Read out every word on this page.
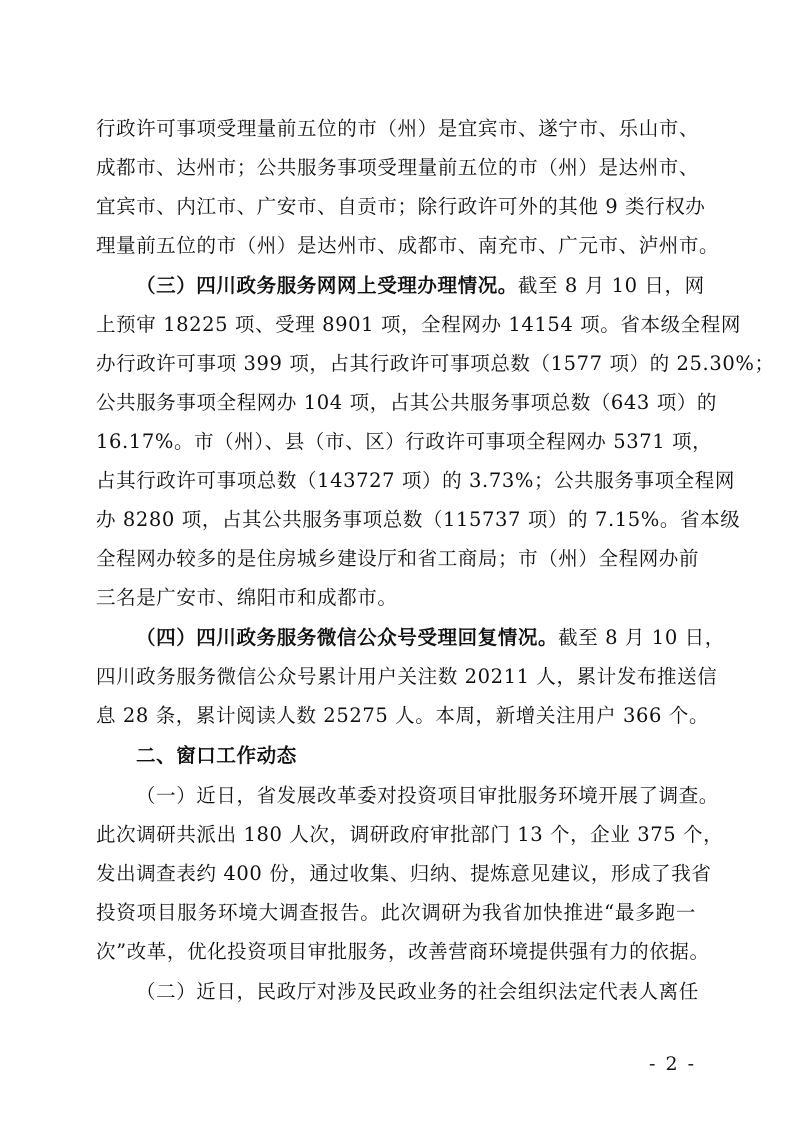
行政许可事项受理量前五位的市（州）是宜宾市、遂宁市、乐山市、
成都市、达州市；公共服务事项受理量前五位的市（州）是达州市、
宜宾市、内江市、广安市、自贡市；除行政许可外的其他 9 类行权办
理量前五位的市（州）是达州市、成都市、南充市、广元市、泸州市。
（三）四川政务服务网网上受理办理情况。 截至 8 月 10 日，网
上预审 18225 项、受理 8901 项，全程网办 14154 项。省本级全程网
办行政许可事项 399 项，占其行政许可事项总数（1577 项）的 25.30%；
公共服务事项全程网办 104 项，占其公共服务事项总数（643 项）的
16.17%。市（州）、县（市、区）行政许可事项全程网办 5371 项，
占其行政许可事项总数（143727 项）的 3.73%；公共服务事项全程网
办 8280 项，占其公共服务事项总数（115737 项）的 7.15%。省本级
全程网办较多的是住房城乡建设厅和省工商局；市（州）全程网办前
三名是广安市、绵阳市和成都市。
（四）四川政务服务微信公众号受理回复情况。 截至 8 月 10 日，
四川政务服务微信公众号累计用户关注数 20211 人，累计发布推送信
息 28 条，累计阅读人数 25275 人。本周，新增关注用户 366 个。
二、窗口工作动态
（一）近日，省发展改革委对投资项目审批服务环境开展了调查。
此次调研共派出 180 人次，调研政府审批部门 13 个，企业 375 个，
发出调查表约 400 份，通过收集、归纳、提炼意见建议，形成了我省
投资项目服务环境大调查报告。此次调研为我省加快推进“最多跑一
次”改革，优化投资项目审批服务，改善营商环境提供强有力的依据。
（二）近日，民政厅对涉及民政业务的社会组织法定代表人离任
- 2 -
